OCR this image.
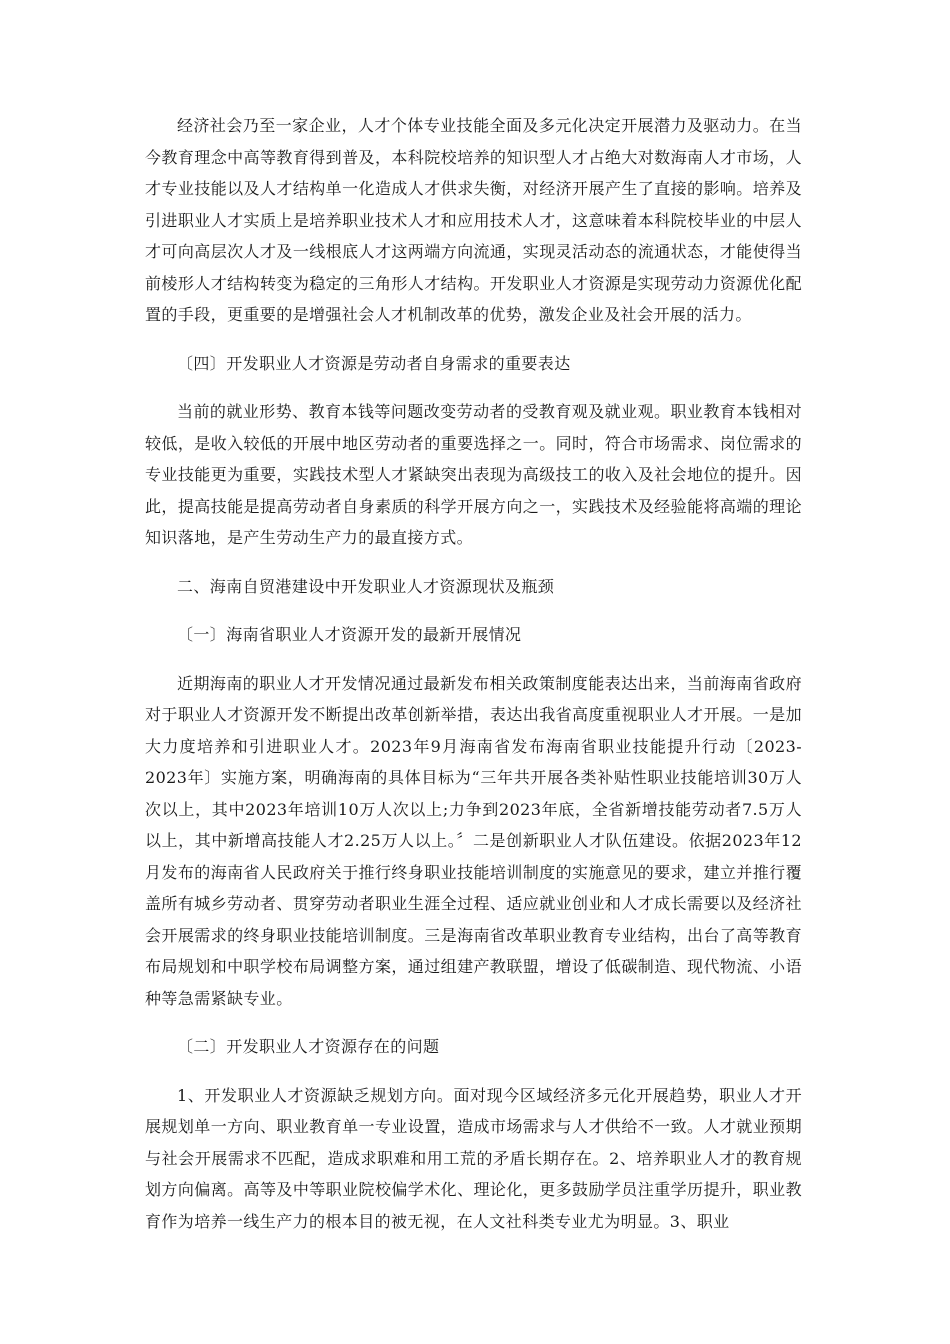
经济社会乃至一家企业，人才个体专业技能全面及多元化决定开展潜力及驱动力。在当今教育理念中高等教育得到普及，本科院校培养的知识型人才占绝大对数海南人才市场，人才专业技能以及人才结构单一化造成人才供求失衡，对经济开展产生了直接的影响。培养及引进职业人才实质上是培养职业技术人才和应用技术人才，这意味着本科院校毕业的中层人才可向高层次人才及一线根底人才这两端方向流通，实现灵活动态的流通状态，才能使得当前棱形人才结构转变为稳定的三角形人才结构。开发职业人才资源是实现劳动力资源优化配置的手段，更重要的是增强社会人才机制改革的优势，激发企业及社会开展的活力。

〔四〕开发职业人才资源是劳动者自身需求的重要表达

当前的就业形势、教育本钱等问题改变劳动者的受教育观及就业观。职业教育本钱相对较低，是收入较低的开展中地区劳动者的重要选择之一。同时，符合市场需求、岗位需求的专业技能更为重要，实践技术型人才紧缺突出表现为高级技工的收入及社会地位的提升。因此，提高技能是提高劳动者自身素质的科学开展方向之一，实践技术及经验能将高端的理论知识落地，是产生劳动生产力的最直接方式。

二、海南自贸港建设中开发职业人才资源现状及瓶颈

〔一〕海南省职业人才资源开发的最新开展情况

近期海南的职业人才开发情况通过最新发布相关政策制度能表达出来，当前海南省政府对于职业人才资源开发不断提出改革创新举措，表达出我省高度重视职业人才开展。一是加大力度培养和引进职业人才。2023年9月海南省发布海南省职业技能提升行动〔2023-2023年〕实施方案，明确海南的具体目标为“三年共开展各类补贴性职业技能培训30万人次以上，其中2023年培训10万人次以上;力争到2023年底，全省新增技能劳动者7.5万人以上，其中新增高技能人才2.25万人以上。〞二是创新职业人才队伍建设。依据2023年12月发布的海南省人民政府关于推行终身职业技能培训制度的实施意见的要求，建立并推行覆盖所有城乡劳动者、贯穿劳动者职业生涯全过程、适应就业创业和人才成长需要以及经济社会开展需求的终身职业技能培训制度。三是海南省改革职业教育专业结构，出台了高等教育布局规划和中职学校布局调整方案，通过组建产教联盟，增设了低碳制造、现代物流、小语种等急需紧缺专业。

〔二〕开发职业人才资源存在的问题

1、开发职业人才资源缺乏规划方向。面对现今区域经济多元化开展趋势，职业人才开展规划单一方向、职业教育单一专业设置，造成市场需求与人才供给不一致。人才就业预期与社会开展需求不匹配，造成求职难和用工荒的矛盾长期存在。2、培养职业人才的教育规划方向偏离。高等及中等职业院校偏学术化、理论化，更多鼓励学员注重学历提升，职业教育作为培养一线生产力的根本目的被无视，在人文社科类专业尤为明显。3、职业
